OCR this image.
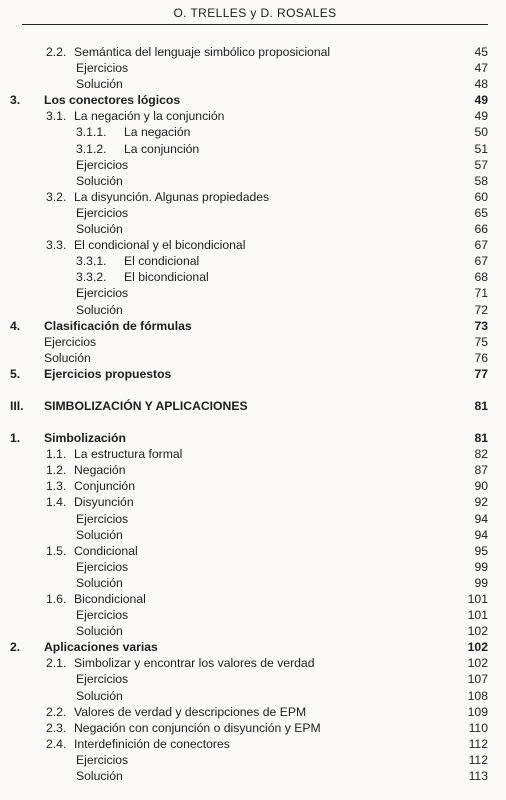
O. TRELLES y D. ROSALES
2.2. Semántica del lenguaje simbólico proposicional	45
Ejercicios	47
Solución	48
3. Los conectores lógicos	49
3.1. La negación y la conjunción	49
3.1.1. La negación	50
3.1.2. La conjunción	51
Ejercicios	57
Solución	58
3.2. La disyunción. Algunas propiedades	60
Ejercicios	65
Solución	66
3.3. El condicional y el bicondicional	67
3.3.1. El condicional	67
3.3.2. El bicondicional	68
Ejercicios	71
Solución	72
4. Clasificación de fórmulas	73
Ejercicios	75
Solución	76
5. Ejercicios propuestos	77
III. SIMBOLIZACIÓN Y APLICACIONES	81
1. Simbolización	81
1.1. La estructura formal	82
1.2. Negación	87
1.3. Conjunción	90
1.4. Disyunción	92
Ejercicios	94
Solución	94
1.5. Condicional	95
Ejercicios	99
Solución	99
1.6. Bicondicional	101
Ejercicios	101
Solución	102
2. Aplicaciones varias	102
2.1. Simbolizar y encontrar los valores de verdad	102
Ejercicios	107
Solución	108
2.2. Valores de verdad y descripciones de EPM	109
2.3. Negación con conjunción o disyunción y EPM	110
2.4. Interdefinición de conectores	112
Ejercicios	112
Solución	113
